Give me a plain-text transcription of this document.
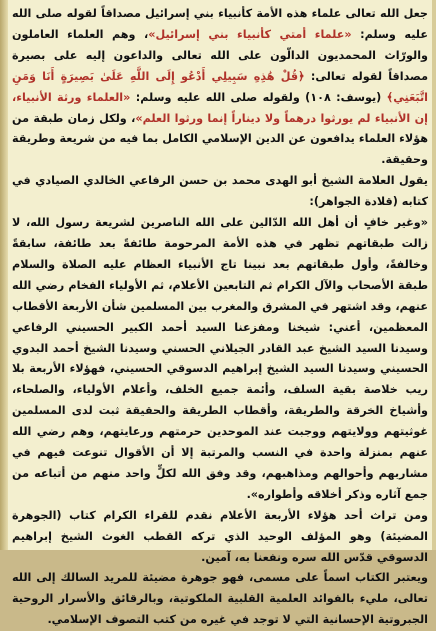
جعل الله تعالى علماء هذه الأمة كأنبياء بني إسرائيل مصداقاً لقوله صلى الله عليه وسلم: «علماء أمتي كأنبياء بني إسرائيل»، وهم العلماء العاملون والورّاث المحمديون الدالّون على الله تعالى والداعون إليه على بصيرة مصداقاً لقوله تعالى: ﴿قُلْ هَٰذِهِ سَبِيلِي أَدْعُو إِلَى اللَّهِ عَلَىٰ بَصِيرَةٍ أَنَا وَمَنِ اتَّبَعَنِي﴾ (يوسف: ١٠٨) ولقوله صلى الله عليه وسلم: «العلماء ورثة الأنبياء، إن الأنبياء لم يورثوا درهماً ولا ديناراً إنما ورثوا العلم»، ولكل زمان طبقة من هؤلاء العلماء يدافعون عن الدين الإسلامي الكامل بما فيه من شريعة وطريقة وحقيقة.

يقول العلامة الشيخ أبو الهدى محمد بن حسن الرفاعي الخالدي الصيادي في كتابه (قلادة الجواهر):

«وغير خافٍ أن أهل الله الدّالين على الله الناصرين لشريعة رسول الله، لا زالت طبقاتهم تظهر في هذه الأمة المرحومة طائفةً بعد طائفة، سابقةً وخالفةً، وأول طبقاتهم بعد نبينا تاج الأنبياء العظام عليه الصلاة والسلام طبقة الأصحاب والآل الكرام ثم التابعين الأعلام، ثم الأولياء الفخام رضي الله عنهم، وقد اشتهر في المشرق والمغرب بين المسلمين شأن الأربعة الأقطاب المعظمين، أعني: شيخنا ومفزعنا السيد أحمد الكبير الحسيني الرفاعي وسيدنا السيد الشيخ عبد القادر الجيلاني الحسني وسيدنا الشيخ أحمد البدوي الحسيني وسيدنا السيد الشيخ إبراهيم الدسوقي الحسيني، فهؤلاء الأربعة بلا ريب خلاصة بقية السلف، وأئمة جميع الخلف، وأعلام الأولياء، والصلحاء، وأشياخ الخرقة والطريقة، وأقطاب الطريقة والحقيقة ثبت لدى المسلمين غوثيتهم وولايتهم ووجبت عند الموحدين حرمتهم ورعايتهم، وهم رضي الله عنهم بمنزلة واحدة في النسب والمرتبة إلا أن الأقوال تنوعت فيهم في مشاربهم وأحوالهم ومذاهبهم، وقد وفق الله لكلٍّ واحد منهم من أتباعه من جمع آثاره وذكر أخلاقه وأطواره».

ومن تراث أحد هؤلاء الأربعة الأعلام نقدم للقراء الكرام كتاب (الجوهرة المضيئة) وهو المؤلف الوحيد الذي تركه القطب الغوث الشيخ إبراهيم الدسوقي قدّس الله سره ونفعنا به، آمين.

ويعتبر الكتاب اسماً على مسمى، فهو جوهرة مضيئة للمريد السالك إلى الله تعالى، مليء بالفوائد العلمية القلبية الملكوتية، وبالرقائق والأسرار الروحية الجبروتية الإحسانية التي لا توجد في غيره من كتب التصوف الإسلامي.
